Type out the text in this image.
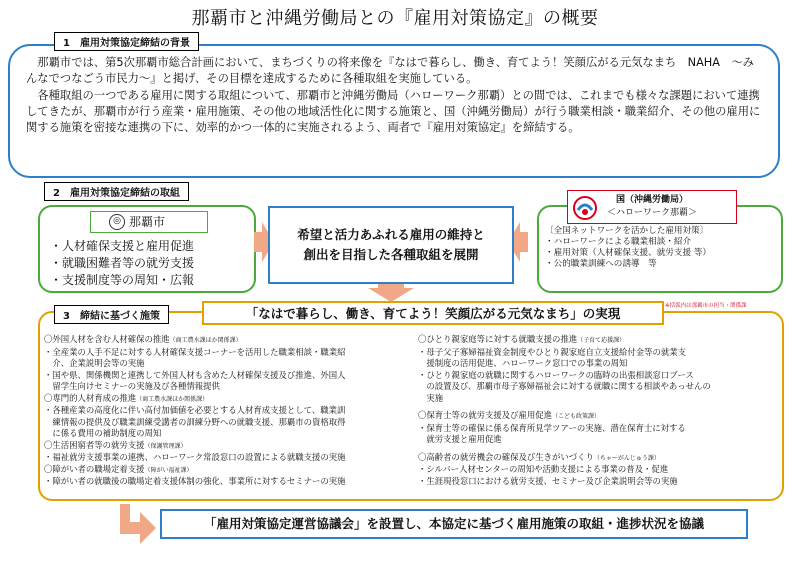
那覇市と沖縄労働局との『雇用対策協定』の概要
1　雇用対策協定締結の背景

那覇市では、第5次那覇市総合計画において、まちづくりの将来像を『なはで暮らし、働き、育てよう！笑顔広がる元気なまち　NAHA　～みんなでつなごう市民力～』と掲げ、その目標を達成するために各種取組を実施している。

各種取組の一つである雇用に関する取組について、那覇市と沖縄労働局（ハローワーク那覇）との間では、これまでも様々な課題において連携してきたが、那覇市が行う産業・雇用施策、その他の地域活性化に関する施策と、国（沖縄労働局）が行う職業相談・職業紹介、その他の雇用に関する施策を密接な連携の下に、効率的かつ一体的に実施されるよう、両者で『雇用対策協定』を締結する。

2　雇用対策協定締結の取組
◎ 那覇市
・人材確保支援と雇用促進
・就職困難者等の就労支援
・支援制度等の周知・広報
希望と活力あふれる雇用の維持と
創出を目指した各種取組を展開
国（沖縄労働局）
＜ハローワーク那覇＞
〔全国ネットワークを活かした雇用対策〕
・ハローワークによる職業相談・紹介
・雇用対策（人材確保支援、就労支援 等）
・公的職業訓練への誘導　等
3　締結に基づく施策	「なはで暮らし、働き、育てよう！笑顔広がる元気なまち」の実現	※括弧内は那覇市の担当・関係課
〇外国人材を含む人材確保の推進（商工農水課ほか関係課）
・全産業の人手不足に対する人材確保支援コーナーを活用した職業相談・職業紹
　介、企業説明会等の実施
・国や県、関係機関と連携して外国人材も含めた人材確保支援及び推進、外国人
　留学生向けセミナーの実施及び各種情報提供
〇専門的人材育成の推進（商工農水課ほか関係課）
・各種産業の高度化に伴い高付加価値を必要とする人材育成支援として、職業訓
　練情報の提供及び職業訓練受講者の訓練分野への就職支援、那覇市の資格取得
　に係る費用の補助制度の周知
〇生活困窮者等の就労支援（保護管理課）
・福祉就労支援事業の連携、ハローワーク常設窓口の設置による就職支援の実施
〇障がい者の職場定着支援（障がい福祉課）
・障がい者の就職後の職場定着支援体制の強化、事業所に対するセミナーの実施
〇ひとり親家庭等に対する就職支援の推進（子育て応援課）
・母子父子寡婦福祉資金制度やひとり親家庭自立支援給付金等の就業支
　援制度の活用促進、ハローワーク窓口での事業の周知
・ひとり親家庭の就職に関するハローワークの臨時の出張相談窓口ブース
　の設置及び、那覇市母子寡婦福祉会に対する就職に関する相談やあっせんの
　実施
〇保育士等の就労支援及び雇用促進（こども政策課）
・保育士等の確保に係る保育所見学ツアーの実施、潜在保育士に対する
　就労支援と雇用促進
〇高齢者の就労機会の確保及び生きがいづくり（ちゃーがんじゅう課）
・シルバー人材センターの周知や活動支援による事業の普及・促進
・生涯現役窓口における就労支援、セミナー及び企業説明会等の実施
「雇用対策協定運営協議会」を設置し、本協定に基づく雇用施策の取組・進捗状況を協議
